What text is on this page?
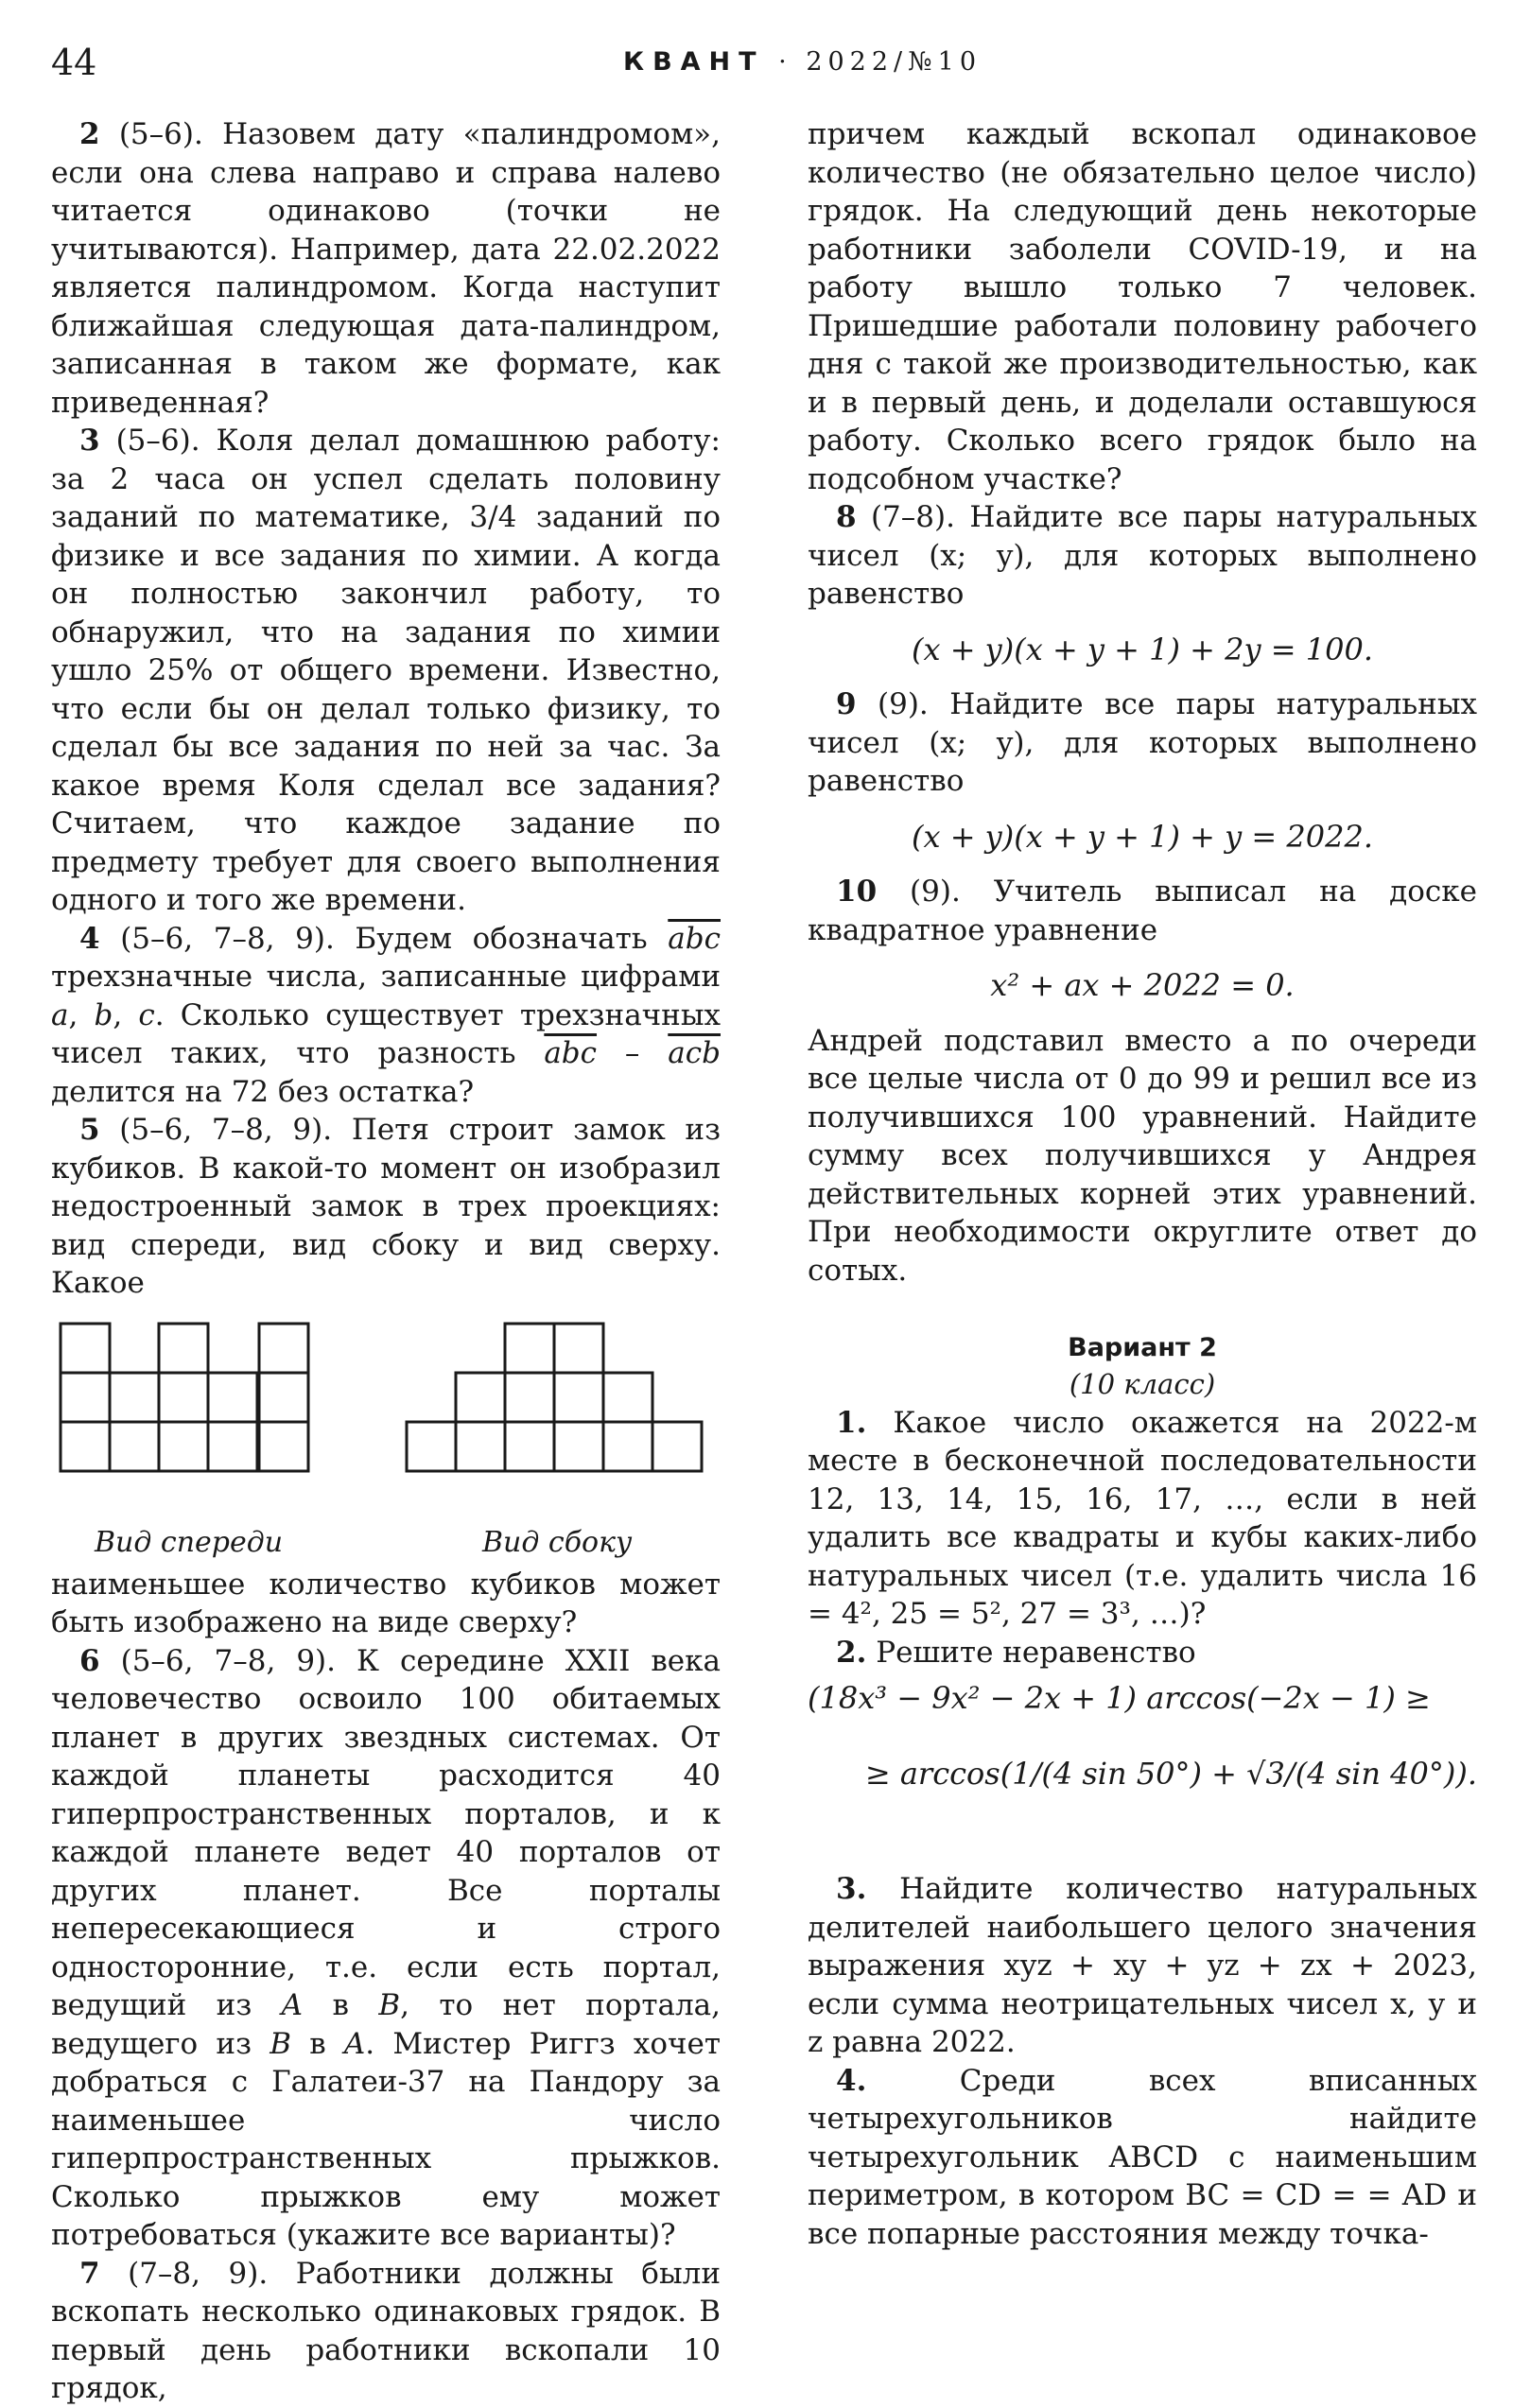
44	КВАНТ · 2022/№10

2 (5–6). Назовем дату «палиндромом», если она слева направо и справа налево читается одинаково (точки не учитываются). Например, дата 22.02.2022 является палиндромом. Когда наступит ближайшая следующая дата-палиндром, записанная в таком же формате, как приведенная?

3 (5–6). Коля делал домашнюю работу: за 2 часа он успел сделать половину заданий по математике, 3/4 заданий по физике и все задания по химии. А когда он полностью закончил работу, то обнаружил, что на задания по химии ушло 25% от общего времени. Известно, что если бы он делал только физику, то сделал бы все задания по ней за час. За какое время Коля сделал все задания? Считаем, что каждое задание по предмету требует для своего выполнения одного и того же времени.

4 (5–6, 7–8, 9). Будем обозначать $\overline{abc}$ трехзначные числа, записанные цифрами a, b, c. Сколько существует трехзначных чисел таких, что разность $\overline{abc} - \overline{acb}$ делится на 72 без остатка?

5 (5–6, 7–8, 9). Петя строит замок из кубиков. В какой-то момент он изобразил недостроенный замок в трех проекциях: вид спереди, вид сбоку и вид сверху. Какое

Вид спереди	Вид сбоку

наименьшее количество кубиков может быть изображено на виде сверху?

6 (5–6, 7–8, 9). К середине XXII века человечество освоило 100 обитаемых планет в других звездных системах. От каждой планеты расходится 40 гиперпространственных порталов, и к каждой планете ведет 40 порталов от других планет. Все порталы непересекающиеся и строго односторонние, т.е. если есть портал, ведущий из A в B, то нет портала, ведущего из B в A. Мистер Риггз хочет добраться с Галатеи-37 на Пандору за наименьшее число гиперпространственных прыжков. Сколько прыжков ему может потребоваться (укажите все варианты)?

7 (7–8, 9). Работники должны были вскопать несколько одинаковых грядок. В первый день работники вскопали 10 грядок,

причем каждый вскопал одинаковое количество (не обязательно целое число) грядок. На следующий день некоторые работники заболели COVID-19, и на работу вышло только 7 человек. Пришедшие работали половину рабочего дня с такой же производительностью, как и в первый день, и доделали оставшуюся работу. Сколько всего грядок было на подсобном участке?

8 (7–8). Найдите все пары натуральных чисел (x; y), для которых выполнено равенство

(x + y)(x + y + 1) + 2y = 100.

9 (9). Найдите все пары натуральных чисел (x; y), для которых выполнено равенство

(x + y)(x + y + 1) + y = 2022.

10 (9). Учитель выписал на доске квадратное уравнение

x² + ax + 2022 = 0.

Андрей подставил вместо a по очереди все целые числа от 0 до 99 и решил все из получившихся 100 уравнений. Найдите сумму всех получившихся у Андрея действительных корней этих уравнений. При необходимости округлите ответ до сотых.

Вариант 2

(10 класс)

1. Какое число окажется на 2022-м месте в бесконечной последовательности 12, 13, 14, 15, 16, 17, …, если в ней удалить все квадраты и кубы каких-либо натуральных чисел (т.е. удалить числа 16 = 4², 25 = 5², 27 = 3³, …)?

2. Решите неравенство

(18x³ − 9x² − 2x + 1) arccos(−2x − 1) ≥
≥ arccos(1/(4 sin 50°) + √3/(4 sin 40°)).

3. Найдите количество натуральных делителей наибольшего целого значения выражения xyz + xy + yz + zx + 2023, если сумма неотрицательных чисел x, y и z равна 2022.

4. Среди всех вписанных четырехугольников найдите четырехугольник ABCD с наименьшим периметром, в котором BC = CD = = AD и все попарные расстояния между точка-
